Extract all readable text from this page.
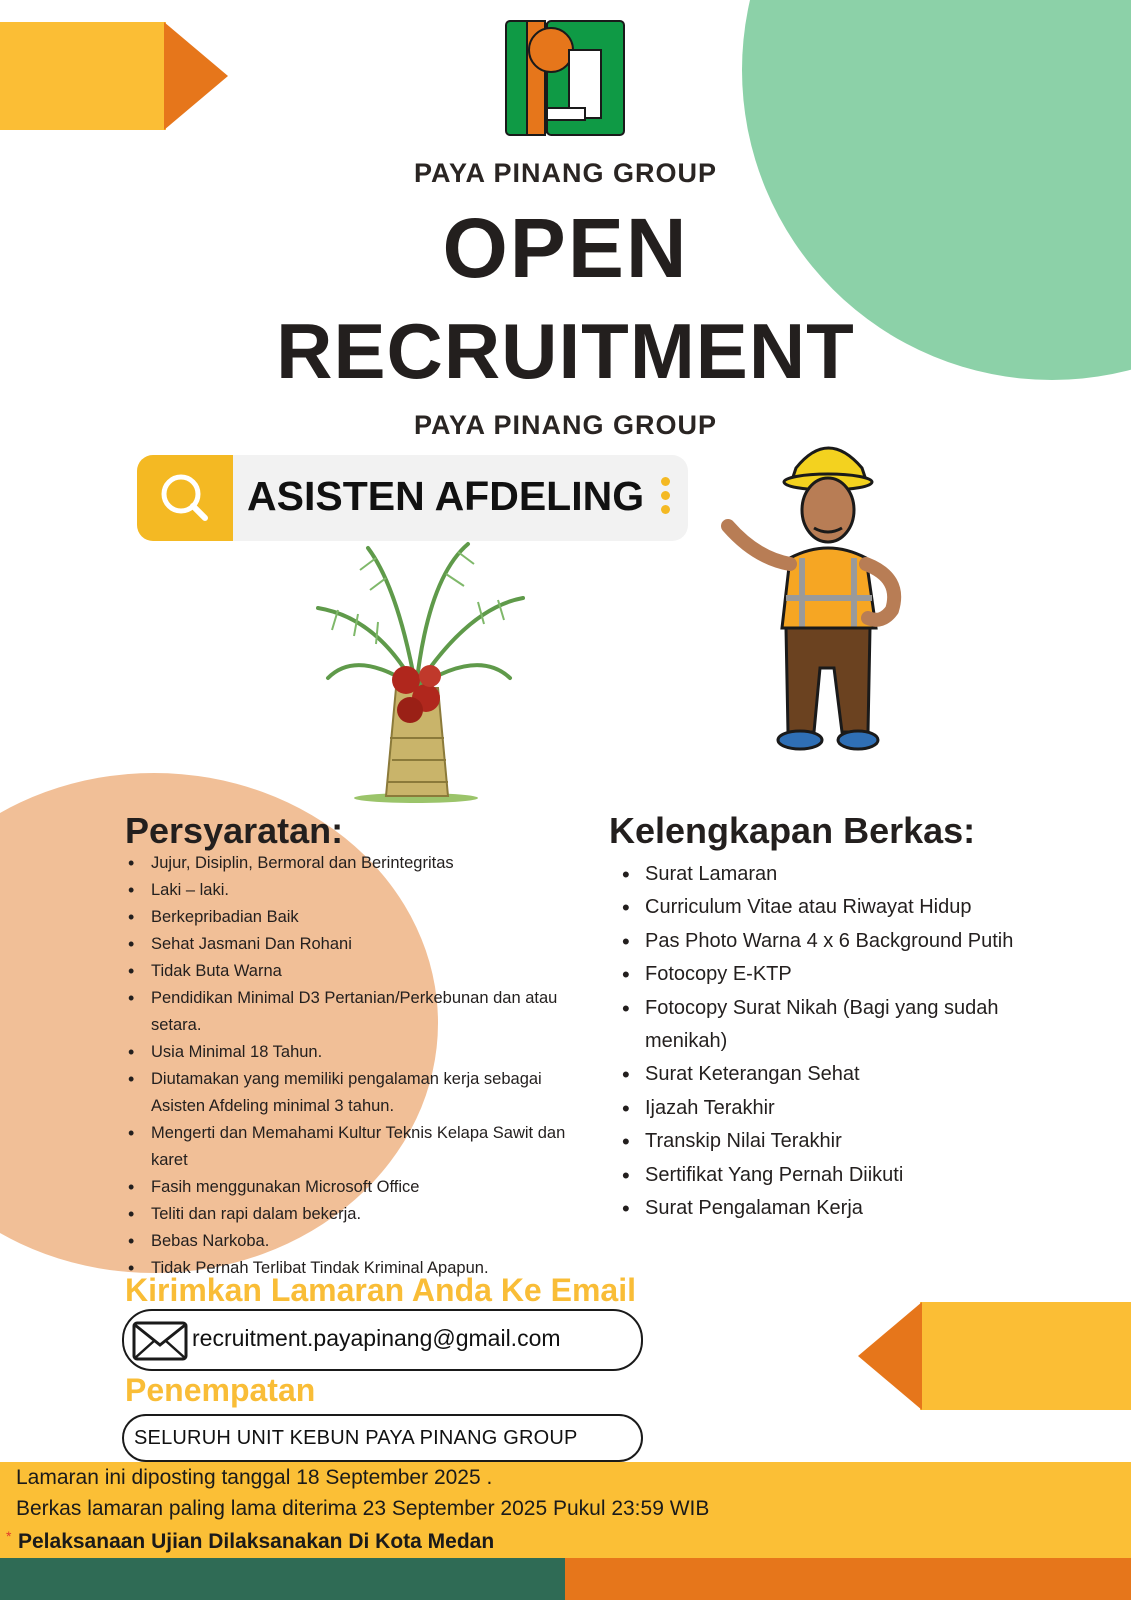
PAYA PINANG GROUP
OPEN
RECRUITMENT
PAYA PINANG GROUP
ASISTEN AFDELING
Persyaratan:
• Jujur, Disiplin, Bermoral dan Berintegritas
• Laki – laki.
• Berkepribadian Baik
• Sehat Jasmani Dan Rohani
• Tidak Buta Warna
• Pendidikan Minimal D3 Pertanian/Perkebunan dan atau setara.
• Usia Minimal 18 Tahun.
• Diutamakan yang memiliki pengalaman kerja sebagai Asisten Afdeling minimal 3 tahun.
• Mengerti dan Memahami Kultur Teknis Kelapa Sawit dan karet
• Fasih menggunakan Microsoft Office
• Teliti dan rapi dalam bekerja.
• Bebas Narkoba.
• Tidak Pernah Terlibat Tindak Kriminal Apapun.
Kelengkapan Berkas:
• Surat Lamaran
• Curriculum Vitae atau Riwayat Hidup
• Pas Photo Warna 4 x 6 Background Putih
• Fotocopy E-KTP
• Fotocopy Surat Nikah (Bagi yang sudah menikah)
• Surat Keterangan Sehat
• Ijazah Terakhir
• Transkip Nilai Terakhir
• Sertifikat Yang Pernah Diikuti
• Surat Pengalaman Kerja
Kirimkan Lamaran Anda Ke Email
recruitment.payapinang@gmail.com
Penempatan
SELURUH UNIT KEBUN PAYA PINANG GROUP
Lamaran ini diposting tanggal 18 September 2025 .
Berkas lamaran paling lama diterima 23 September 2025 Pukul 23:59 WIB
* Pelaksanaan Ujian Dilaksanakan Di Kota Medan
